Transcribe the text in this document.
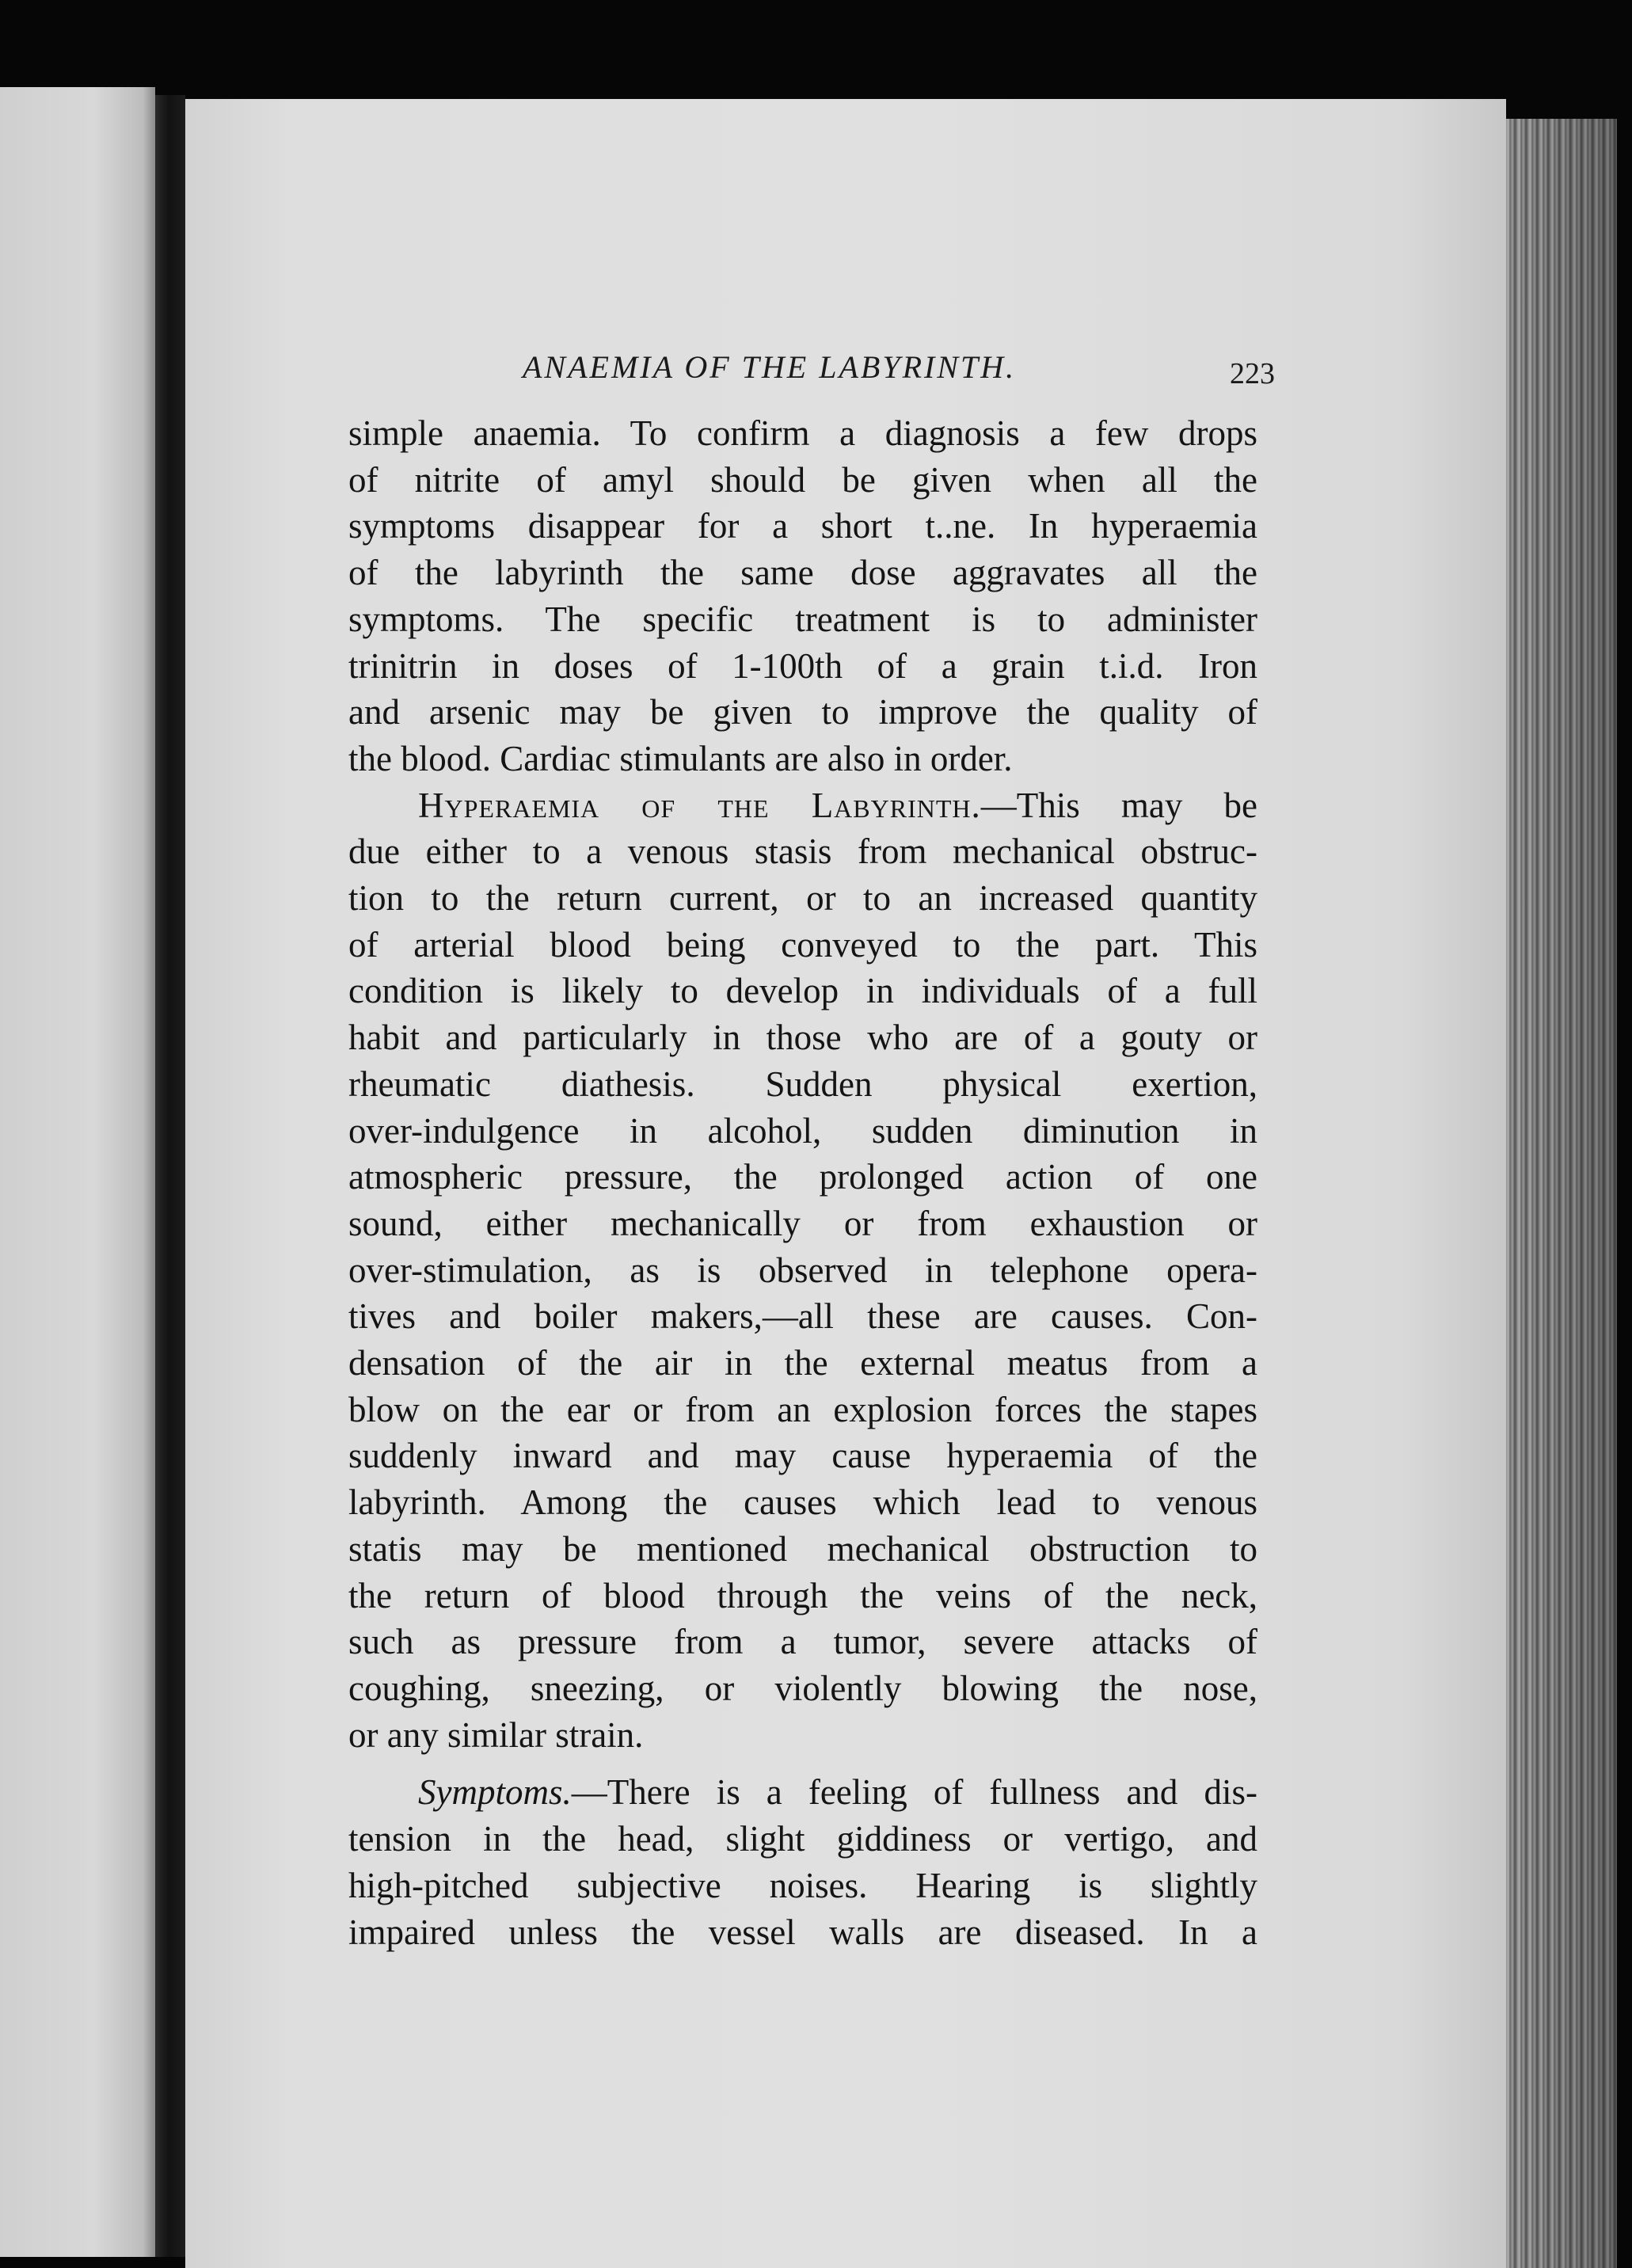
ANAEMIA OF THE LABYRINTH.	223

simple anaemia. To confirm a diagnosis a few drops
of nitrite of amyl should be given when all the
symptoms disappear for a short t..ne. In hyperaemia
of the labyrinth the same dose aggravates all the
symptoms. The specific treatment is to administer
trinitrin in doses of 1-100th of a grain t.i.d. Iron
and arsenic may be given to improve the quality of
the blood. Cardiac stimulants are also in order.

Hyperaemia of the Labyrinth.—This may be
due either to a venous stasis from mechanical obstruc-
tion to the return current, or to an increased quantity
of arterial blood being conveyed to the part. This
condition is likely to develop in individuals of a full
habit and particularly in those who are of a gouty or
rheumatic diathesis. Sudden physical exertion,
over-indulgence in alcohol, sudden diminution in
atmospheric pressure, the prolonged action of one
sound, either mechanically or from exhaustion or
over-stimulation, as is observed in telephone opera-
tives and boiler makers,—all these are causes. Con-
densation of the air in the external meatus from a
blow on the ear or from an explosion forces the stapes
suddenly inward and may cause hyperaemia of the
labyrinth. Among the causes which lead to venous
statis may be mentioned mechanical obstruction to
the return of blood through the veins of the neck,
such as pressure from a tumor, severe attacks of
coughing, sneezing, or violently blowing the nose,
or any similar strain.

Symptoms.—There is a feeling of fullness and dis-
tension in the head, slight giddiness or vertigo, and
high-pitched subjective noises. Hearing is slightly
impaired unless the vessel walls are diseased. In a
